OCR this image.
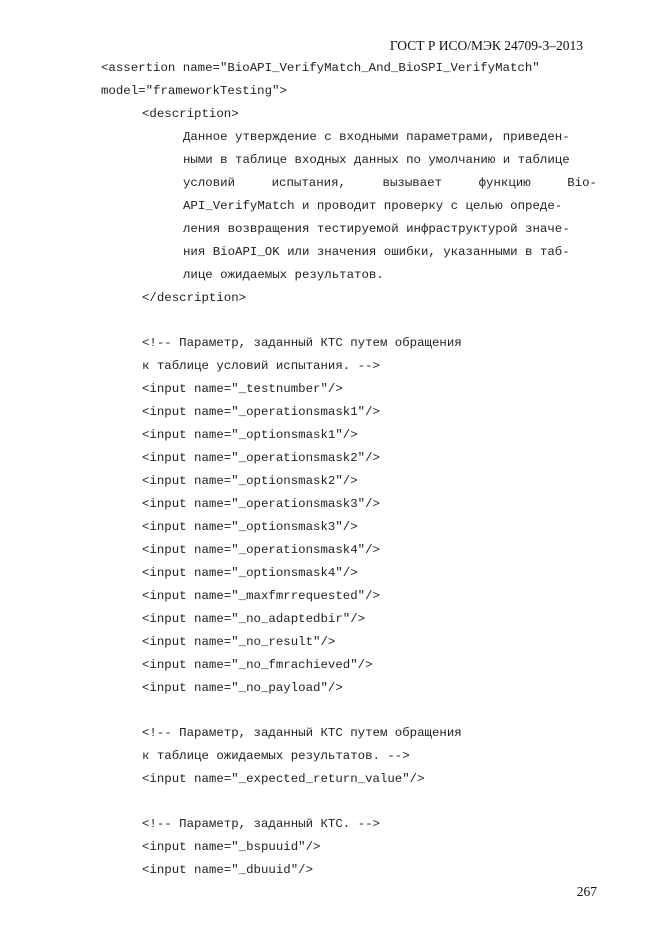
ГОСТ Р ИСО/МЭК 24709-3–2013
<assertion name="BioAPI_VerifyMatch_And_BioSPI_VerifyMatch"
model="frameworkTesting">
<description>
Данное утверждение с входными параметрами, приведен-
ными в таблице входных данных по умолчанию и таблице
условий испытания, вызывает функцию Bio-
API_VerifyMatch и проводит проверку с целью опреде-
ления возвращения тестируемой инфраструктурой значе-
ния BioAPI_OK или значения ошибки, указанными в таб-
лице ожидаемых результатов.
</description>
<!-- Параметр, заданный КТС путем обращения
к таблице условий испытания. -->
<input name="_testnumber"/>
<input name="_operationsmask1"/>
<input name="_optionsmask1"/>
<input name="_operationsmask2"/>
<input name="_optionsmask2"/>
<input name="_operationsmask3"/>
<input name="_optionsmask3"/>
<input name="_operationsmask4"/>
<input name="_optionsmask4"/>
<input name="_maxfmrrequested"/>
<input name="_no_adaptedbir"/>
<input name="_no_result"/>
<input name="_no_fmrachieved"/>
<input name="_no_payload"/>
<!-- Параметр, заданный КТС путем обращения
к таблице ожидаемых результатов. -->
<input name="_expected_return_value"/>
<!-- Параметр, заданный КТС. -->
<input name="_bspuuid"/>
<input name="_dbuuid"/>
267
